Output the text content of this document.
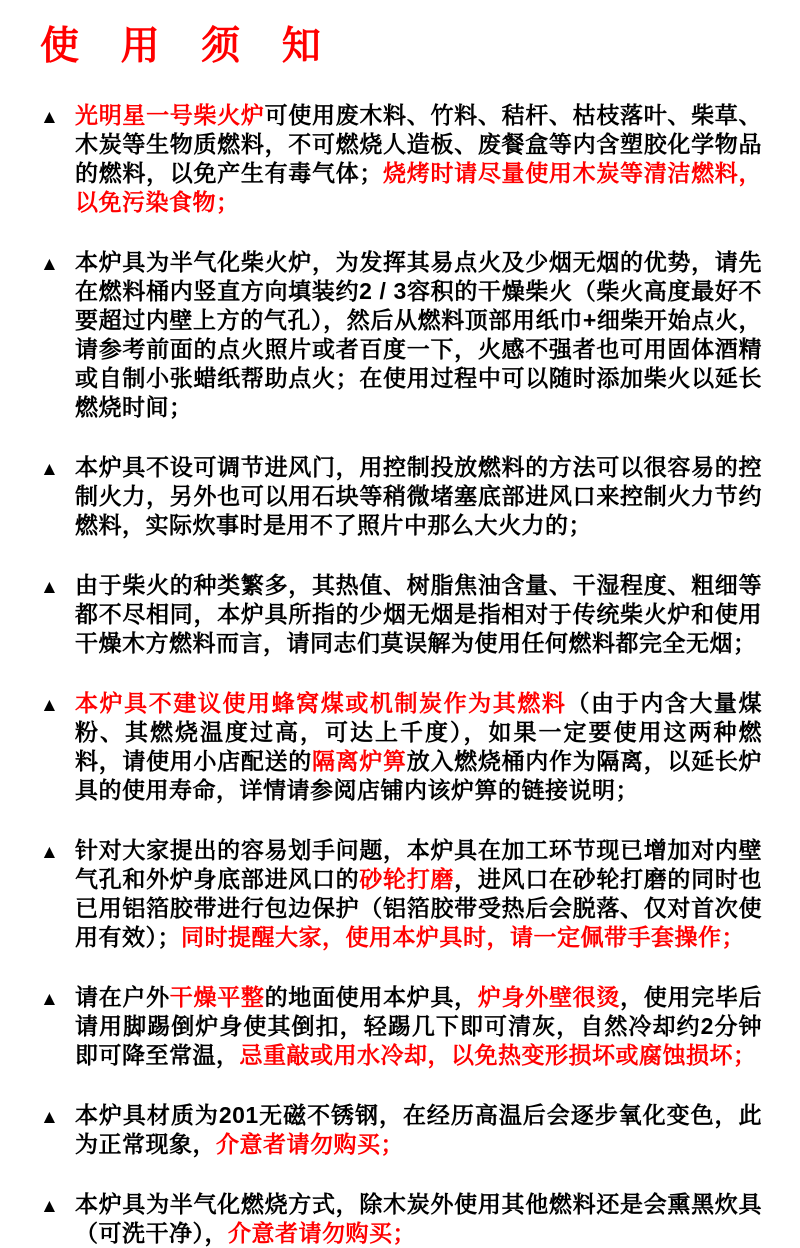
使 用 须 知
▲ 光明星一号柴火炉可使用废木料、竹料、秸杆、枯枝落叶、柴草、木炭等生物质燃料，不可燃烧人造板、废餐盒等内含塑胶化学物品的燃料，以免产生有毒气体；烧烤时请尽量使用木炭等清洁燃料，以免污染食物；
▲ 本炉具为半气化柴火炉，为发挥其易点火及少烟无烟的优势，请先在燃料桶内竖直方向填装约2 / 3容积的干燥柴火（柴火高度最好不要超过内壁上方的气孔），然后从燃料顶部用纸巾+细柴开始点火，请参考前面的点火照片或者百度一下，火感不强者也可用固体酒精或自制小张蜡纸帮助点火；在使用过程中可以随时添加柴火以延长燃烧时间；
▲ 本炉具不设可调节进风门，用控制投放燃料的方法可以很容易的控制火力，另外也可以用石块等稍微堵塞底部进风口来控制火力节约燃料，实际炊事时是用不了照片中那么大火力的；
▲ 由于柴火的种类繁多，其热值、树脂焦油含量、干湿程度、粗细等都不尽相同，本炉具所指的少烟无烟是指相对于传统柴火炉和使用干燥木方燃料而言，请同志们莫误解为使用任何燃料都完全无烟；
▲ 本炉具不建议使用蜂窝煤或机制炭作为其燃料（由于内含大量煤粉、其燃烧温度过高，可达上千度），如果一定要使用这两种燃料，请使用小店配送的隔离炉箅放入燃烧桶内作为隔离，以延长炉具的使用寿命，详情请参阅店铺内该炉箅的链接说明；
▲ 针对大家提出的容易划手问题，本炉具在加工环节现已增加对内壁气孔和外炉身底部进风口的砂轮打磨，进风口在砂轮打磨的同时也已用铝箔胶带进行包边保护（铝箔胶带受热后会脱落、仅对首次使用有效）；同时提醒大家，使用本炉具时，请一定佩带手套操作；
▲ 请在户外干燥平整的地面使用本炉具，炉身外壁很烫，使用完毕后请用脚踢倒炉身使其倒扣，轻踢几下即可清灰，自然冷却约2分钟即可降至常温，忌重敲或用水冷却，以免热变形损坏或腐蚀损坏；
▲ 本炉具材质为201无磁不锈钢，在经历高温后会逐步氧化变色，此为正常现象，介意者请勿购买；
▲ 本炉具为半气化燃烧方式，除木炭外使用其他燃料还是会熏黑炊具（可洗干净），介意者请勿购买；
